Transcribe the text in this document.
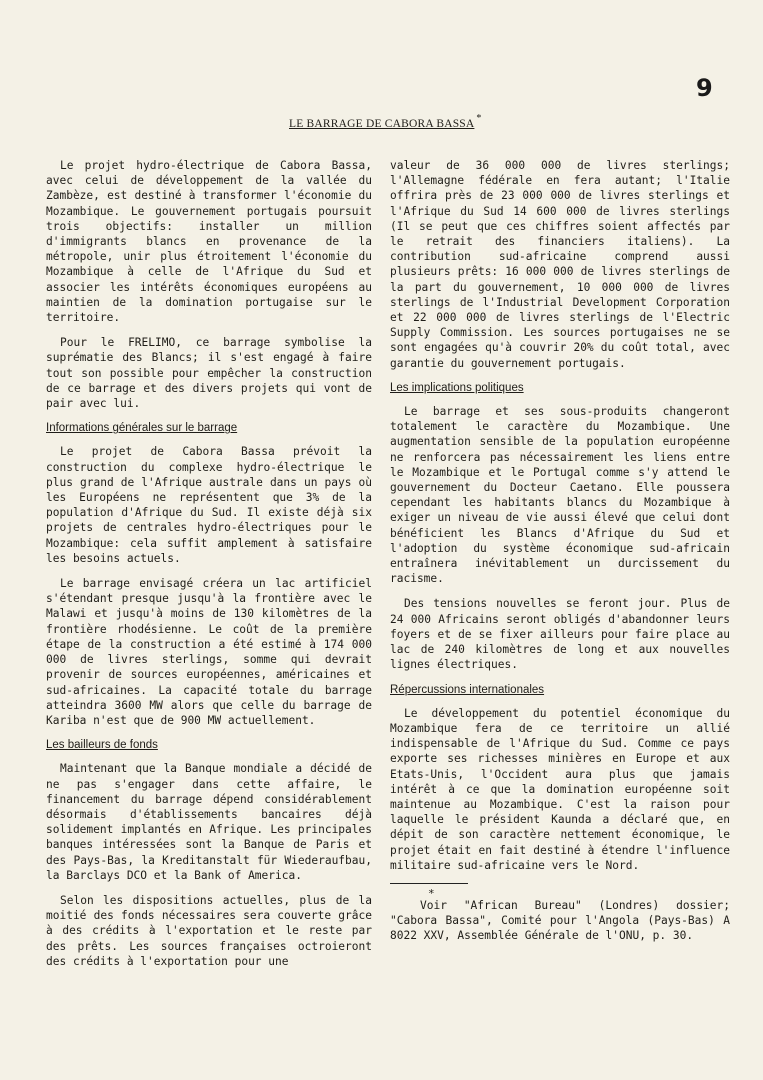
9
LE BARRAGE DE CABORA BASSA *

Le projet hydro-électrique de Cabora Bassa, avec celui de développement de la vallée du Zambèze, est destiné à transformer l'économie du Mozambique. Le gouvernement portugais poursuit trois objectifs: installer un million d'immigrants blancs en provenance de la métropole, unir plus étroitement l'économie du Mozambique à celle de l'Afrique du Sud et associer les intérêts économiques européens au maintien de la domination portugaise sur le territoire.

Pour le FRELIMO, ce barrage symbolise la suprématie des Blancs; il s'est engagé à faire tout son possible pour empêcher la construction de ce barrage et des divers projets qui vont de pair avec lui.

Informations générales sur le barrage

Le projet de Cabora Bassa prévoit la construction du complexe hydro-électrique le plus grand de l'Afrique australe dans un pays où les Européens ne représentent que 3% de la population d'Afrique du Sud. Il existe déjà six projets de centrales hydro-électriques pour le Mozambique: cela suffit amplement à satisfaire les besoins actuels.

Le barrage envisagé créera un lac artificiel s'étendant presque jusqu'à la frontière avec le Malawi et jusqu'à moins de 130 kilomètres de la frontière rhodésienne. Le coût de la première étape de la construction a été estimé à 174 000 000 de livres sterlings, somme qui devrait provenir de sources européennes, américaines et sud-africaines. La capacité totale du barrage atteindra 3600 MW alors que celle du barrage de Kariba n'est que de 900 MW actuellement.

Les bailleurs de fonds

Maintenant que la Banque mondiale a décidé de ne pas s'engager dans cette affaire, le financement du barrage dépend considérablement désormais d'établissements bancaires déjà solidement implantés en Afrique. Les principales banques intéressées sont la Banque de Paris et des Pays-Bas, la Kreditanstalt für Wiederaufbau, la Barclays DCO et la Bank of America.

Selon les dispositions actuelles, plus de la moitié des fonds nécessaires sera couverte grâce à des crédits à l'exportation et le reste par des prêts. Les sources françaises octroieront des crédits à l'exportation pour une

valeur de 36 000 000 de livres sterlings; l'Allemagne fédérale en fera autant; l'Italie offrira près de 23 000 000 de livres sterlings et l'Afrique du Sud 14 600 000 de livres sterlings (Il se peut que ces chiffres soient affectés par le retrait des financiers italiens). La contribution sud-africaine comprend aussi plusieurs prêts: 16 000 000 de livres sterlings de la part du gouvernement, 10 000 000 de livres sterlings de l'Industrial Development Corporation et 22 000 000 de livres sterlings de l'Electric Supply Commission. Les sources portugaises ne se sont engagées qu'à couvrir 20% du coût total, avec garantie du gouvernement portugais.

Les implications politiques

Le barrage et ses sous-produits changeront totalement le caractère du Mozambique. Une augmentation sensible de la population européenne ne renforcera pas nécessairement les liens entre le Mozambique et le Portugal comme s'y attend le gouvernement du Docteur Caetano. Elle poussera cependant les habitants blancs du Mozambique à exiger un niveau de vie aussi élevé que celui dont bénéficient les Blancs d'Afrique du Sud et l'adoption du système économique sud-africain entraînera inévitablement un durcissement du racisme.

Des tensions nouvelles se feront jour. Plus de 24 000 Africains seront obligés d'abandonner leurs foyers et de se fixer ailleurs pour faire place au lac de 240 kilomètres de long et aux nouvelles lignes électriques.

Répercussions internationales

Le développement du potentiel économique du Mozambique fera de ce territoire un allié indispensable de l'Afrique du Sud. Comme ce pays exporte ses richesses minières en Europe et aux Etats-Unis, l'Occident aura plus que jamais intérêt à ce que la domination européenne soit maintenue au Mozambique. C'est la raison pour laquelle le président Kaunda a déclaré que, en dépit de son caractère nettement économique, le projet était en fait destiné à étendre l'influence militaire sud-africaine vers le Nord.

*

Voir "African Bureau" (Londres) dossier; "Cabora Bassa", Comité pour l'Angola (Pays-Bas) A 8022 XXV, Assemblée Générale de l'ONU, p. 30.
